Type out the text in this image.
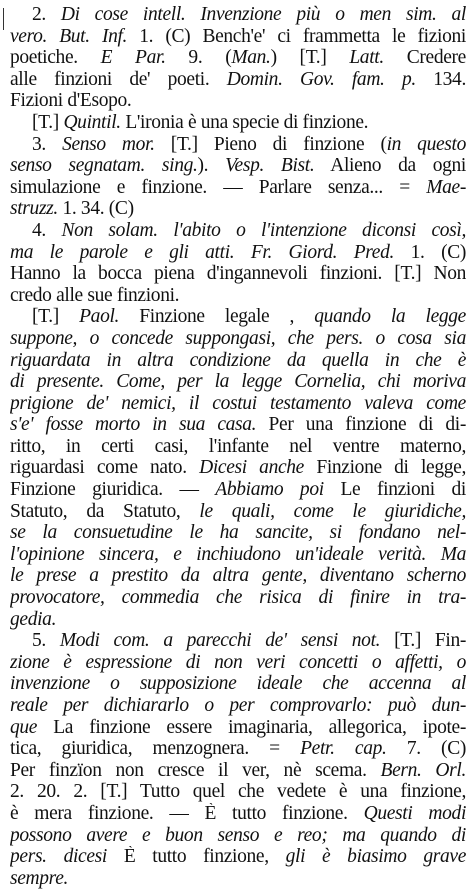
2. Di cose intell. Invenzione più o men sim. al
vero. But. Inf. 1. (C) Bench'e' ci frammetta le fizioni
poetiche. E Par. 9. (Man.) [T.] Latt. Credere
alle finzioni de' poeti. Domin. Gov. fam. p. 134.
Fizioni d'Esopo.
[T.] Quintil. L'ironia è una specie di finzione.
3. Senso mor. [T.] Pieno di finzione (in questo
senso segnatam. sing.). Vesp. Bist. Alieno da ogni
simulazione e finzione. — Parlare senza... = Mae-
struzz. 1. 34. (C)
4. Non solam. l'abito o l'intenzione diconsi così,
ma le parole e gli atti. Fr. Giord. Pred. 1. (C)
Hanno la bocca piena d'ingannevoli finzioni. [T.] Non
credo alle sue finzioni.
[T.] Paol. Finzione legale , quando la legge
suppone, o concede suppongasi, che pers. o cosa sia
riguardata in altra condizione da quella in che è
di presente. Come, per la legge Cornelia, chi moriva
prigione de' nemici, il costui testamento valeva come
s'e' fosse morto in sua casa. Per una finzione di di-
ritto, in certi casi, l'infante nel ventre materno,
riguardasi come nato. Dicesi anche Finzione di legge,
Finzione giuridica. — Abbiamo poi Le finzioni di
Statuto, da Statuto, le quali, come le giuridiche,
se la consuetudine le ha sancite, si fondano nel-
l'opinione sincera, e inchiudono un'ideale verità. Ma
le prese a prestito da altra gente, diventano scherno
provocatore, commedia che risica di finire in tra-
gedia.
5. Modi com. a parecchi de' sensi not. [T.] Fin-
zione è espressione di non veri concetti o affetti, o
invenzione o supposizione ideale che accenna al
reale per dichiararlo o per comprovarlo: può dun-
que La finzione essere imaginaria, allegorica, ipote-
tica, giuridica, menzognera. = Petr. cap. 7. (C)
Per finzïon non cresce il ver, nè scema. Bern. Orl.
2. 20. 2. [T.] Tutto quel che vedete è una finzione,
è mera finzione. — È tutto finzione. Questi modi
possono avere e buon senso e reo; ma quando di
pers. dicesi È tutto finzione, gli è biasimo grave
sempre.
